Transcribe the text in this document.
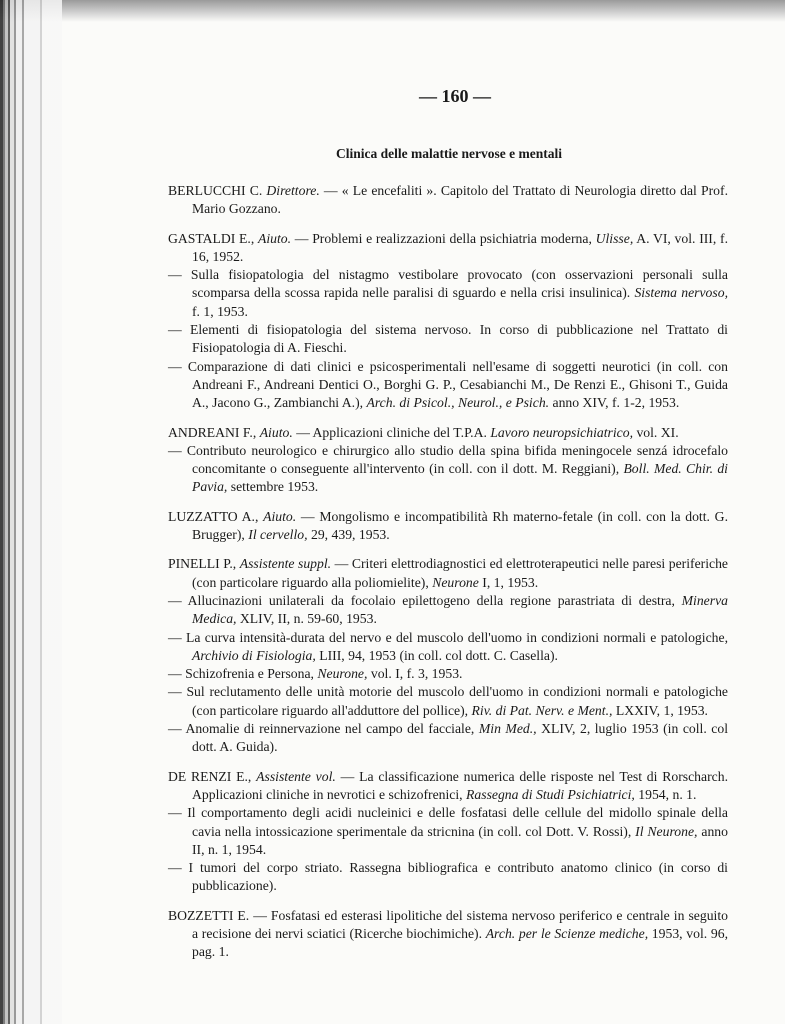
— 160 —
Clinica delle malattie nervose e mentali

BERLUCCHI C. Direttore. — « Le encefaliti ». Capitolo del Trattato di Neurologia diretto dal Prof. Mario Gozzano.

GASTALDI E., Aiuto. — Problemi e realizzazioni della psichiatria moderna, Ulisse, A. VI, vol. III, f. 16, 1952.

— Sulla fisiopatologia del nistagmo vestibolare provocato (con osservazioni personali sulla scomparsa della scossa rapida nelle paralisi di sguardo e nella crisi insulinica). Sistema nervoso, f. 1, 1953.

— Elementi di fisiopatologia del sistema nervoso. In corso di pubblicazione nel Trattato di Fisiopatologia di A. Fieschi.

— Comparazione di dati clinici e psicosperimentali nell'esame di soggetti neurotici (in coll. con Andreani F., Andreani Dentici O., Borghi G. P., Cesabianchi M., De Renzi E., Ghisoni T., Guida A., Jacono G., Zambianchi A.), Arch. di Psicol., Neurol., e Psich. anno XIV, f. 1-2, 1953.

ANDREANI F., Aiuto. — Applicazioni cliniche del T.P.A. Lavoro neuropsichiatrico, vol. XI.

— Contributo neurologico e chirurgico allo studio della spina bifida meningocele senzá idrocefalo concomitante o conseguente all'intervento (in coll. con il dott. M. Reggiani), Boll. Med. Chir. di Pavia, settembre 1953.

LUZZATTO A., Aiuto. — Mongolismo e incompatibilità Rh materno-fetale (in coll. con la dott. G. Brugger), Il cervello, 29, 439, 1953.

PINELLI P., Assistente suppl. — Criteri elettrodiagnostici ed elettroterapeutici nelle paresi periferiche (con particolare riguardo alla poliomielite), Neurone I, 1, 1953.

— Allucinazioni unilaterali da focolaio epilettogeno della regione parastriata di destra, Minerva Medica, XLIV, II, n. 59-60, 1953.

— La curva intensità-durata del nervo e del muscolo dell'uomo in condizioni normali e patologiche, Archivio di Fisiologia, LIII, 94, 1953 (in coll. col dott. C. Casella).

— Schizofrenia e Persona, Neurone, vol. I, f. 3, 1953.

— Sul reclutamento delle unità motorie del muscolo dell'uomo in condizioni normali e patologiche (con particolare riguardo all'adduttore del pollice), Riv. di Pat. Nerv. e Ment., LXXIV, 1, 1953.

— Anomalie di reinnervazione nel campo del facciale, Min Med., XLIV, 2, luglio 1953 (in coll. col dott. A. Guida).

DE RENZI E., Assistente vol. — La classificazione numerica delle risposte nel Test di Rorscharch. Applicazioni cliniche in nevrotici e schizofrenici, Rassegna di Studi Psichiatrici, 1954, n. 1.

— Il comportamento degli acidi nucleinici e delle fosfatasi delle cellule del midollo spinale della cavia nella intossicazione sperimentale da stricnina (in coll. col Dott. V. Rossi), Il Neurone, anno II, n. 1, 1954.

— I tumori del corpo striato. Rassegna bibliografica e contributo anatomo clinico (in corso di pubblicazione).

BOZZETTI E. — Fosfatasi ed esterasi lipolitiche del sistema nervoso periferico e centrale in seguito a recisione dei nervi sciatici (Ricerche biochimiche). Arch. per le Scienze mediche, 1953, vol. 96, pag. 1.
